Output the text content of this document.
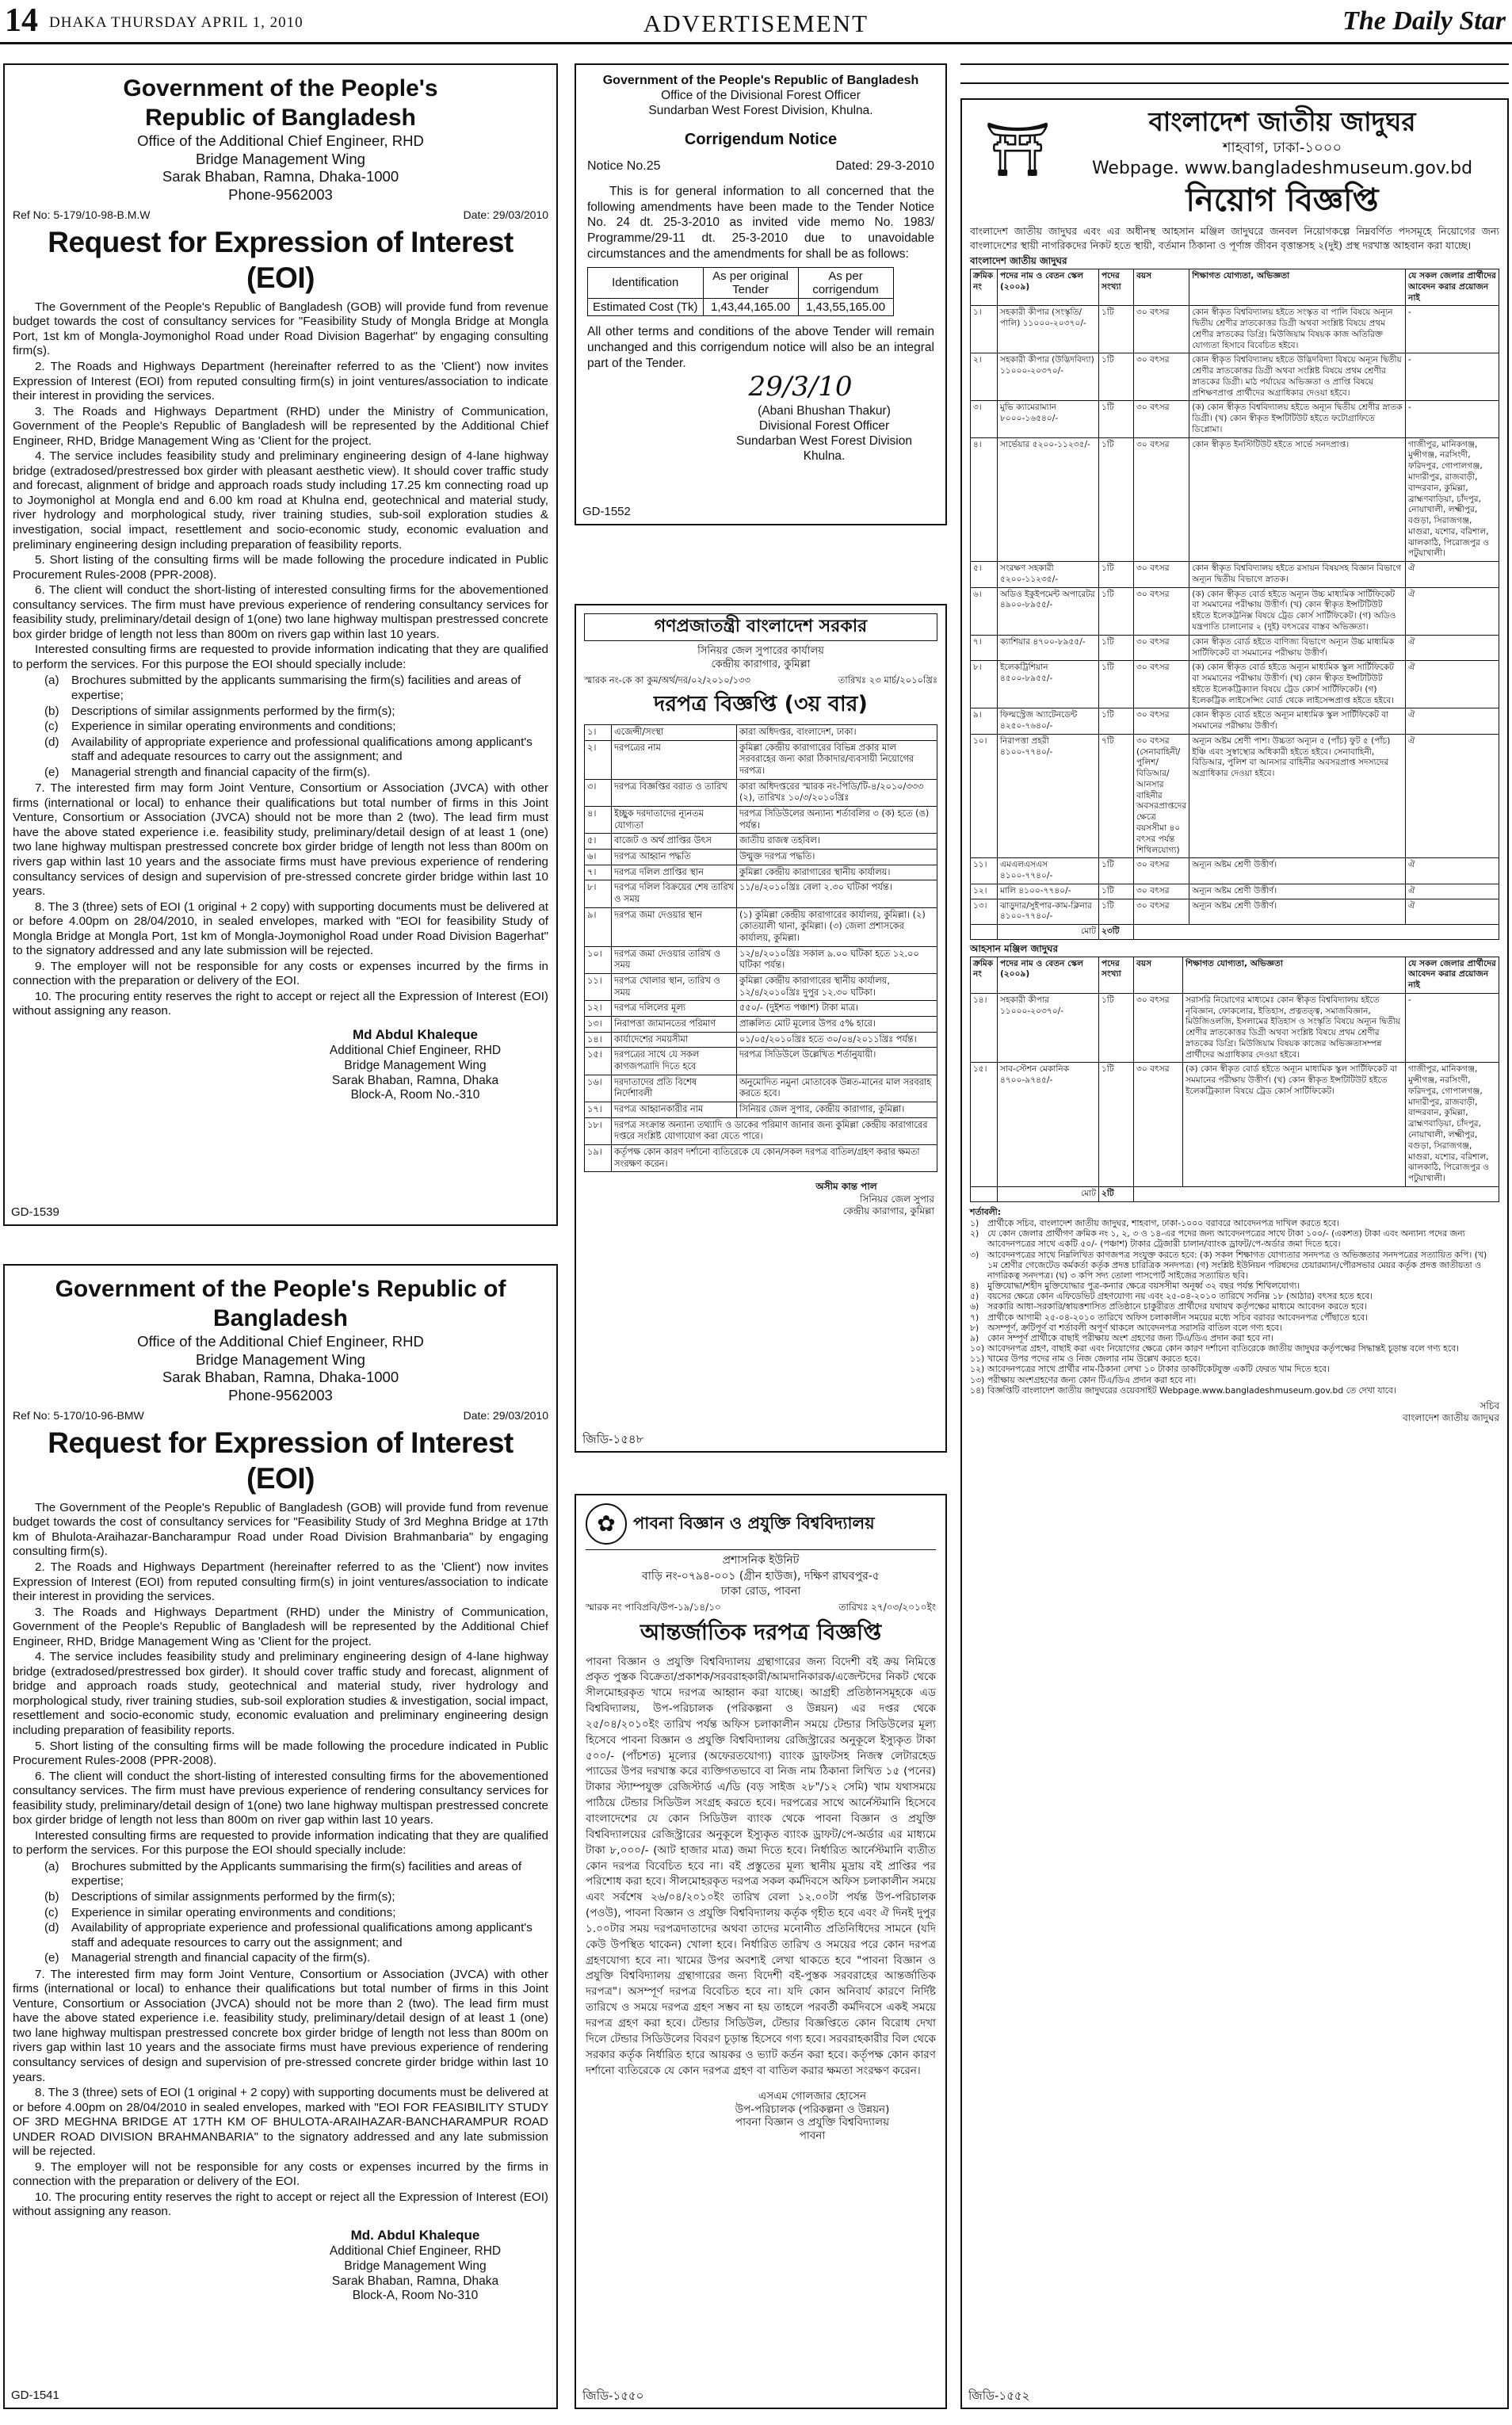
14 DHAKA THURSDAY APRIL 1, 2010	ADVERTISEMENT	The Daily Star
Government of the People's Republic of Bangladesh
Office of the Additional Chief Engineer, RHD
Bridge Management Wing
Sarak Bhaban, Ramna, Dhaka-1000
Phone-9562003
Ref No: 5-179/10-98-B.M.W	Date: 29/03/2010
Request for Expression of Interest (EOI)

The Government of the People's Republic of Bangladesh (GOB) will provide fund from revenue budget towards the cost of consultancy services for "Feasibility Study of Mongla Bridge at Mongla Port, 1st km of Mongla-Joymonighol Road under Road Division Bagerhat" by engaging consulting firm(s).

2. The Roads and Highways Department (hereinafter referred to as the 'Client') now invites Expression of Interest (EOI) from reputed consulting firm(s) in joint ventures/association to indicate their interest in providing the services.

3. The Roads and Highways Department (RHD) under the Ministry of Communication, Government of the People's Republic of Bangladesh will be represented by the Additional Chief Engineer, RHD, Bridge Management Wing as 'Client for the project.

4. The service includes feasibility study and preliminary engineering design of 4-lane highway bridge (extradosed/prestressed box girder with pleasant aesthetic view). It should cover traffic study and forecast, alignment of bridge and approach roads study including 17.25 km connecting road up to Joymonighol at Mongla end and 6.00 km road at Khulna end, geotechnical and material study, river hydrology and morphological study, river training studies, sub-soil exploration studies & investigation, social impact, resettlement and socio-economic study, economic evaluation and preliminary engineering design including preparation of feasibility reports.

5. Short listing of the consulting firms will be made following the procedure indicated in Public Procurement Rules-2008 (PPR-2008).

6. The client will conduct the short-listing of interested consulting firms for the abovementioned consultancy services. The firm must have previous experience of rendering consultancy services for feasibility study, preliminary/detail design of 1(one) two lane highway multispan prestressed concrete box girder bridge of length not less than 800m on rivers gap within last 10 years.

Interested consulting firms are requested to provide information indicating that they are qualified to perform the services. For this purpose the EOI should specially include:

(a)	Brochures submitted by the applicants summarising the firm(s) facilities and areas of expertise;
(b)	Descriptions of similar assignments performed by the firm(s);
(c)	Experience in similar operating environments and conditions;
(d)	Availability of appropriate experience and professional qualifications among applicant's staff and adequate resources to carry out the assignment; and
(e)	Managerial strength and financial capacity of the firm(s).

7. The interested firm may form Joint Venture, Consortium or Association (JVCA) with other firms (international or local) to enhance their qualifications but total number of firms in this Joint Venture, Consortium or Association (JVCA) should not be more than 2 (two). The lead firm must have the above stated experience i.e. feasibility study, preliminary/detail design of at least 1 (one) two lane highway multispan prestressed concrete box girder bridge of length not less than 800m on rivers gap within last 10 years and the associate firms must have previous experience of rendering consultancy services of design and supervision of pre-stressed concrete girder bridge within last 10 years.

8. The 3 (three) sets of EOI (1 original + 2 copy) with supporting documents must be delivered at or before 4.00pm on 28/04/2010, in sealed envelopes, marked with "EOI for feasibility Study of Mongla Bridge at Mongla Port, 1st km of Mongla-Joymonighol Road under Road Division Bagerhat" to the signatory addressed and any late submission will be rejected.

9. The employer will not be responsible for any costs or expenses incurred by the firms in connection with the preparation or delivery of the EOI.

10. The procuring entity reserves the right to accept or reject all the Expression of Interest (EOI) without assigning any reason.

Md Abdul Khaleque
Additional Chief Engineer, RHD
Bridge Management Wing
Sarak Bhaban, Ramna, Dhaka
Block-A, Room No.-310
GD-1539
Government of the People's Republic of Bangladesh
Office of the Additional Chief Engineer, RHD
Bridge Management Wing
Sarak Bhaban, Ramna, Dhaka-1000
Phone-9562003
Ref No: 5-170/10-96-BMW	Date: 29/03/2010
Request for Expression of Interest (EOI)

The Government of the People's Republic of Bangladesh (GOB) will provide fund from revenue budget towards the cost of consultancy services for "Feasibility Study of 3rd Meghna Bridge at 17th km of Bhulota-Araihazar-Bancharampur Road under Road Division Brahmanbaria" by engaging consulting firm(s).

2. The Roads and Highways Department (hereinafter referred to as the 'Client') now invites Expression of Interest (EOI) from reputed consulting firm(s) in joint ventures/association to indicate their interest in providing the services.

3. The Roads and Highways Department (RHD) under the Ministry of Communication, Government of the People's Republic of Bangladesh will be represented by the Additional Chief Engineer, RHD, Bridge Management Wing as 'Client for the project.

4. The service includes feasibility study and preliminary engineering design of 4-lane highway bridge (extradosed/prestressed box girder). It should cover traffic study and forecast, alignment of bridge and approach roads study, geotechnical and material study, river hydrology and morphological study, river training studies, sub-soil exploration studies & investigation, social impact, resettlement and socio-economic study, economic evaluation and preliminary engineering design including preparation of feasibility reports.

5. Short listing of the consulting firms will be made following the procedure indicated in Public Procurement Rules-2008 (PPR-2008).

6. The client will conduct the short-listing of interested consulting firms for the abovementioned consultancy services. The firm must have previous experience of rendering consultancy services for feasibility study, preliminary/detail design of 1(one) two lane highway multispan prestressed concrete box girder bridge of length not less than 800m on river gap within last 10 years.

Interested consulting firms are requested to provide information indicating that they are qualified to perform the services. For this purpose the EOI should specially include:

(a)	Brochures submitted by the Applicants summarising the firm(s) facilities and areas of expertise;
(b)	Descriptions of similar assignments performed by the firm(s);
(c)	Experience in similar operating environments and conditions;
(d)	Availability of appropriate experience and professional qualifications among applicant's staff and adequate resources to carry out the assignment; and
(e)	Managerial strength and financial capacity of the firm(s).

7. The interested firm may form Joint Venture, Consortium or Association (JVCA) with other firms (international or local) to enhance their qualifications but total number of firms in this Joint Venture, Consortium or Association (JVCA) should not be more than 2 (two). The lead firm must have the above stated experience i.e. feasibility study, preliminary/detail design of at least 1 (one) two lane highway multispan prestressed concrete box girder bridge of length not less than 800m on rivers gap within last 10 years and the associate firms must have previous experience of rendering consultancy services of design and supervision of pre-stressed concrete girder bridge within last 10 years.

8. The 3 (three) sets of EOI (1 original + 2 copy) with supporting documents must be delivered at or before 4.00pm on 28/04/2010 in sealed envelopes, marked with "EOI FOR FEASIBILITY STUDY OF 3RD MEGHNA BRIDGE AT 17TH KM OF BHULOTA-ARAIHAZAR-BANCHARAMPUR ROAD UNDER ROAD DIVISION BRAHMANBARIA" to the signatory addressed and any late submission will be rejected.

9. The employer will not be responsible for any costs or expenses incurred by the firms in connection with the preparation or delivery of the EOI.

10. The procuring entity reserves the right to accept or reject all the Expression of Interest (EOI) without assigning any reason.

Md. Abdul Khaleque
Additional Chief Engineer, RHD
Bridge Management Wing
Sarak Bhaban, Ramna, Dhaka
Block-A, Room No-310
GD-1541
Government of the People's Republic of Bangladesh
Office of the Divisional Forest Officer
Sundarban West Forest Division, Khulna.
Corrigendum Notice
Notice No.25	Dated: 29-3-2010
This is for general information to all concerned that the following amendments have been made to the Tender Notice No. 24 dt. 25-3-2010 as invited vide memo No. 1983/ Programme/29-11 dt. 25-3-2010 due to unavoidable circumstances and the amendments for shall be as follows:
Identification	As per original Tender	As per corrigendum
Estimated Cost (Tk)	1,43,44,165.00	1,43,55,165.00
All other terms and conditions of the above Tender will remain unchanged and this corrigendum notice will also be an integral part of the Tender.
29/3/10
(Abani Bhushan Thakur)
Divisional Forest Officer
Sundarban West Forest Division
Khulna.
GD-1552
গণপ্রজাতন্ত্রী বাংলাদেশ সরকার
সিনিয়র জেল সুপারের কার্যালয়
কেন্দ্রীয় কারাগার, কুমিল্লা
স্মারক নং-কে কা কুম/অর্থ/দর/০২/২০১০/১৩৩	তারিখঃ ২৩ মার্চ/২০১০খ্রিঃ
দরপত্র বিজ্ঞপ্তি (৩য় বার)
১।	এজেন্সী/সংস্থা	কারা অধিদপ্তর, বাংলাদেশ, ঢাকা।
২।	দরপত্রের নাম	কুমিল্লা কেন্দ্রীয় কারাগারের বিভিন্ন প্রকার মাল সরবরাহের জন্য কারা ঠিকাদার/ব্যবসায়ী নিয়োগের দরপত্র।
৩।	দরপত্র বিজ্ঞপ্তির বরাত ও তারিখ	কারা অধিদপ্তরের স্মারক নং-পিডি/টি-৪/২০১০/৩৩৩ (২), তারিখঃ ১০/৩/২০১০খ্রিঃ
৪।	ইচ্ছুক দরদাতাদের ন্যূনতম যোগ্যতা	দরপত্র সিডিউলের অন্যান্য শর্তাবলির ৩ (ক) হতে (ঙ) পর্যন্ত।
৫।	বাজেট ও অর্থ প্রাপ্তির উৎস	জাতীয় রাজস্ব তহবিল।
৬।	দরপত্র আহ্বান পদ্ধতি	উন্মুক্ত দরপত্র পদ্ধতি।
৭।	দরপত্র দলিল প্রাপ্তির স্থান	কুমিল্লা কেন্দ্রীয় কারাগারের স্থানীয় কার্যালয়।
৮।	দরপত্র দলিল বিক্রয়ের শেষ তারিখ ও সময়	১১/৪/২০১০খ্রিঃ বেলা ২.৩০ ঘটিকা পর্যন্ত।
৯।	দরপত্র জমা দেওয়ার স্থান	(১) কুমিল্লা কেন্দ্রীয় কারাগারের কার্যালয়, কুমিল্লা। (২) কোতয়ালী থানা, কুমিল্লা। (৩) জেলা প্রশাসকের কার্যালয়, কুমিল্লা।
১০।	দরপত্র জমা দেওয়ার তারিখ ও সময়	১২/৪/২০১০খ্রিঃ সকাল ৯.০০ ঘটিকা হতে ১২.০০ ঘটিকা পর্যন্ত।
১১।	দরপত্র খোলার স্থান, তারিখ ও সময়	কুমিল্লা কেন্দ্রীয় কারাগারের স্থানীয় কার্যালয়, ১২/৪/২০১০খ্রিঃ দুপুর ১২.৩০ ঘটিকা।
১২।	দরপত্র দলিলের মূল্য	৫৫০/- (দুইশত পঞ্চাশ) টাকা মাত্র।
১৩।	নিরাপত্তা জামানতের পরিমাণ	প্রাক্কলিত মোট মূল্যের উপর ৫% হারে।
১৪।	কার্যাদেশের সময়সীমা	০১/০৫/২০১০খ্রিঃ হতে ৩০/০৪/২০১১খ্রিঃ পর্যন্ত।
১৫।	দরপত্রের সাথে যে সকল কাগজপত্রাদি দিতে হবে	দরপত্র সিডিউলে উল্লেখিত শর্তানুযায়ী।
১৬।	দরদাতাদের প্রতি বিশেষ নির্দেশাবলী	অনুমোদিত নমুনা মোতাবেক উন্নত-মানের মাল সরবরাহ করতে হবে।
১৭।	দরপত্র আহ্বানকারীর নাম	সিনিয়র জেল সুপার, কেন্দ্রীয় কারাগার, কুমিল্লা।
১৮।	দরপত্র সংক্রান্ত অন্যান্য তথ্যাদি ও ডাকের পরিমাণ জানার জন্য কুমিল্লা কেন্দ্রীয় কারাগারের দপ্তরে সংশ্লিষ্ট যোগাযোগ করা যেতে পারে।	
১৯।	কর্তৃপক্ষ কোন কারণ দর্শানো ব্যতিরেকে যে কোন/সকল দরপত্র বাতিল/গ্রহণ করার ক্ষমতা সংরক্ষণ করেন।	
অসীম কান্ত পাল
সিনিয়র জেল সুপার
কেন্দ্রীয় কারাগার, কুমিল্লা
জিডি-১৫৪৮
✿	পাবনা বিজ্ঞান ও প্রযুক্তি বিশ্ববিদ্যালয়
প্রশাসনিক ইউনিট
বাড়ি নং-০৭৯৪-০০১ (গ্রীন হাউজ), দক্ষিণ রাঘবপুর-৫
ঢাকা রোড, পাবনা
স্মারক নং পাবিপ্রবি/উপ-১৯/১৪/১০	তারিখঃ ২৭/০৩/২০১০ইং
আন্তর্জাতিক দরপত্র বিজ্ঞপ্তি
পাবনা বিজ্ঞান ও প্রযুক্তি বিশ্ববিদ্যালয় গ্রন্থাগারের জন্য বিদেশী বই ক্রয় নিমিত্তে প্রকৃত পুস্তক বিক্রেতা/প্রকাশক/সরবরাহকারী/আমদানিকারক/এজেন্টদের নিকট থেকে সীলমোহরকৃত খামে দরপত্র আহ্বান করা যাচ্ছে। আগ্রহী প্রতিষ্ঠানসমূহকে এড বিশ্ববিদ্যালয়, উপ-পরিচালক (পরিকল্পনা ও উন্নয়ন) এর দপ্তর থেকে ২৫/০৪/২০১০ইং তারিখ পর্যন্ত অফিস চলাকালীন সময়ে টেন্ডার সিডিউলের মূল্য হিসেবে পাবনা বিজ্ঞান ও প্রযুক্তি বিশ্ববিদ্যালয় রেজিস্ট্রারের অনুকূলে ইস্যুকৃত টাকা ৫০০/- (পাঁচশত) মূল্যের (অফেরতযোগ্য) ব্যাংক ড্রাফটসহ নিজস্ব লেটারহেড প্যাডের উপর দরখাস্ত করে ব্যক্তিগতভাবে বা নিজ নাম ঠিকানা লিখিত ১৫ (পনের) টাকার স্ট্যাম্পযুক্ত রেজিস্টার্ড এ/ডি (বড় সাইজ ২৮"/১২ সেমি) খাম যথাসময়ে পাঠিয়ে টেন্ডার সিডিউল সংগ্রহ করতে হবে। দরপত্রের সাথে আর্নেস্টমানি হিসেবে বাংলাদেশের যে কোন সিডিউল ব্যাংক থেকে পাবনা বিজ্ঞান ও প্রযুক্তি বিশ্ববিদ্যালয়ের রেজিস্ট্রারের অনুকূলে ইস্যুকৃত ব্যাংক ড্রাফট/পে-অর্ডার এর মাধ্যমে টাকা ৮,০০০/- (আট হাজার মাত্র) জমা দিতে হবে। নির্ধারিত আর্নেস্টমানি ব্যতীত কোন দরপত্র বিবেচিত হবে না। বই প্রস্তুতের মূল্য স্থানীয় মুদ্রায় বই প্রাপ্তির পর পরিশোধ করা হবে। সীলমোহরকৃত দরপত্র সকল কর্মদিবসে অফিস চলাকালীন সময়ে এবং সর্বশেষ ২৬/০৪/২০১০ইং তারিখ বেলা ১২.০০টা পর্যন্ত উপ-পরিচালক (পওউ), পাবনা বিজ্ঞান ও প্রযুক্তি বিশ্ববিদ্যালয় কর্তৃক গৃহীত হবে এবং ঐ দিনই দুপুর ১.০০টার সময় দরপত্রদাতাদের অথবা তাদের মনোনীত প্রতিনিধিদের সামনে (যদি কেউ উপস্থিত থাকেন) খোলা হবে। নির্ধারিত তারিখ ও সময়ের পরে কোন দরপত্র গ্রহণযোগ্য হবে না। খামের উপর অবশ্যই লেখা থাকতে হবে "পাবনা বিজ্ঞান ও প্রযুক্তি বিশ্ববিদ্যালয় গ্রন্থাগারের জন্য বিদেশী বই-পুস্তক সরবরাহের আন্তর্জাতিক দরপত্র"। অসম্পূর্ণ দরপত্র বিবেচিত হবে না। যদি কোন অনিবার্য কারণে নির্দিষ্ট তারিখে ও সময়ে দরপত্র গ্রহণ সম্ভব না হয় তাহলে পরবর্তী কর্মদিবসে একই সময়ে দরপত্র গ্রহণ করা হবে। টেন্ডার সিডিউল, টেন্ডার বিজ্ঞপ্তিতে কোন বিরোধ দেখা দিলে টেন্ডার সিডিউলের বিবরণ চূড়ান্ত হিসেবে গণ্য হবে। সরবরাহকারীর বিল থেকে সরকার কর্তৃক নির্ধারিত হারে আয়কর ও ভ্যাট কর্তন করা হবে। কর্তৃপক্ষ কোন কারণ দর্শানো ব্যতিরেকে যে কোন দরপত্র গ্রহণ বা বাতিল করার ক্ষমতা সংরক্ষণ করেন।
এসএম গোলজার হোসেন
উপ-পরিচালক (পরিকল্পনা ও উন্নয়ন)
পাবনা বিজ্ঞান ও প্রযুক্তি বিশ্ববিদ্যালয়
পাবনা
জিডি-১৫৫০
⛩	বাংলাদেশ জাতীয় জাদুঘর
শাহবাগ, ঢাকা-১০০০
Webpage. www.bangladeshmuseum.gov.bd
নিয়োগ বিজ্ঞপ্তি
বাংলাদেশ জাতীয় জাদুঘর এবং এর অধীনস্থ আহসান মঞ্জিল জাদুঘরে জনবল নিয়োগকল্পে নিম্নবর্ণিত পদসমূহে নিয়োগের জন্য বাংলাদেশের স্থায়ী নাগরিকদের নিকট হতে স্থায়ী, বর্তমান ঠিকানা ও পূর্ণাঙ্গ জীবন বৃত্তান্তসহ ২(দুই) প্রস্থ দরখাস্ত আহবান করা যাচ্ছে।
বাংলাদেশ জাতীয় জাদুঘর
ক্রমিক নং	পদের নাম ও বেতন স্কেল (২০০৯)	পদের সংখ্যা	বয়স	শিক্ষাগত যোগ্যতা, অভিজ্ঞতা	যে সকল জেলার প্রার্থীদের আবেদন করার প্রয়োজন নাই
১।	সহকারী কীপার (সংস্কৃতি/পালি) ১১০০০-২০৩৭০/-	১টি	৩০ বৎসর	কোন স্বীকৃত বিশ্ববিদ্যালয় হইতে সংস্কৃত বা পালি বিষয়ে অন্যূন দ্বিতীয় শ্রেণীর স্নাতকোত্তর ডিগ্রী অথবা সংশ্লিষ্ট বিষয়ে প্রথম শ্রেণীর স্নাতকের ডিগ্রি। মিউজিয়াম বিষয়ক কাজ অতিরিক্ত যোগ্যতা হিসাবে বিবেচিত হইবে।	-
২।	সহকারী কীপার (উদ্ভিদবিদ্যা) ১১০০০-২০৩৭০/-	১টি	৩০ বৎসর	কোন স্বীকৃত বিশ্ববিদ্যালয় হইতে উদ্ভিদবিদ্যা বিষয়ে অন্যূন দ্বিতীয় শ্রেণীর স্নাতকোত্তর ডিগ্রী অথবা সংশ্লিষ্ট বিষয়ে প্রথম শ্রেণীর স্নাতকের ডিগ্রী। মাঠ পর্যায়ের অভিজ্ঞতা ও প্রাপ্তি বিষয়ে প্রশিক্ষণপ্রাপ্ত প্রার্থীদের অগ্রাধিকার দেওয়া হইবে।	-
৩।	মুভি ক্যামেরাম্যান ৮০০০-১৬৫৪০/-	১টি	৩০ বৎসর	(ক) কোন স্বীকৃত বিশ্ববিদ্যালয় হইতে অন্যূন দ্বিতীয় শ্রেণীর স্নাতক ডিগ্রী। (খ) কোন স্বীকৃত ইন্সটিটিউট হইতে ফটোগ্রাফিতে ডিপ্লোমা।	-
৪।	সার্ভেয়ার ৫২০০-১১২৩৫/-	১টি	৩০ বৎসর	কোন স্বীকৃত ইনস্টিটিউট হইতে সার্ভে সনদপ্রাপ্ত।	গাজীপুর, মানিকগঞ্জ, মুন্সীগঞ্জ, নরসিংদী, ফরিদপুর, গোপালগঞ্জ, মাদারীপুর, রাজবাড়ী, বান্দরবান, কুমিল্লা, ব্রাহ্মণবাড়িয়া, চাঁদপুর, নোয়াখালী, লক্ষ্মীপুর, বগুড়া, সিরাজগঞ্জ, মাগুরা, যশোর, বরিশাল, ঝালকাঠি, পিরোজপুর ও পটুয়াখালী।
৫।	সংরক্ষণ সহকারী ৫২০০-১১২৩৫/-	১টি	৩০ বৎসর	কোন স্বীকৃত বিশ্ববিদ্যালয় হইতে রসায়ন বিষয়সহ বিজ্ঞান বিভাগে অন্যূন দ্বিতীয় বিভাগে স্নাতক।	ঐ
৬।	অডিও ইকুইপমেন্ট অপারেটর ৪৯০০-৮৯৫৫/-	১টি	৩০ বৎসর	(ক) কোন স্বীকৃত বোর্ড হইতে অন্যূন উচ্চ মাধ্যমিক সার্টিফিকেট বা সমমানের পরীক্ষায় উত্তীর্ণ। (খ) কোন স্বীকৃত ইন্সটিটিউট হইতে ইলেকট্রনিক্স বিষয়ে ট্রেড কোর্স সার্টিফিকেট। (গ) অডিও যন্ত্রপাতি চালানোর ২ (দুই) বৎসরের বাস্তব অভিজ্ঞতা।	ঐ
৭।	ক্যাশিয়ার ৪৭০০-৮৯৫৫/-	১টি	৩০ বৎসর	কোন স্বীকৃত বোর্ড হইতে বাণিজ্য বিভাগে অন্যূন উচ্চ মাধ্যমিক সার্টিফিকেট বা সমমানের পরীক্ষায় উত্তীর্ণ।	ঐ
৮।	ইলেকট্রিশিয়ান ৪৫০০-৮৯৫৫/-	১টি	৩০ বৎসর	(ক) কোন স্বীকৃত বোর্ড হইতে অন্যূন মাধ্যমিক স্কুল সার্টিফিকেট বা সমমানের পরীক্ষায় উত্তীর্ণ। (খ) কোন স্বীকৃত ইন্সটিটিউট হইতে ইলেকট্রিক্যাল বিষয়ে ট্রেড কোর্স সার্টিফিকেট। (গ) ইলেকট্রিক লাইসেন্সিং বোর্ড থেকে লাইসেন্সপ্রাপ্ত হইতে হইবে।	ঐ
৯।	ফিল্মস্ট্রেজ অ্যাটেনডেন্ট ৪২৫০-৭৬৪০/-	১টি	৩০ বৎসর	কোন স্বীকৃত বোর্ড হইতে অন্যূন মাধ্যমিক স্কুল সার্টিফিকেট বা সমমানের পরীক্ষায় উত্তীর্ণ।	ঐ
১০।	নিরাপত্তা প্রহরী ৪১০০-৭৭৪০/-	৭টি	৩০ বৎসর (সেনাবাহিনী/পুলিশ/বিডিআর/আনসার বাহিনীর অবসরপ্রাপ্তদের ক্ষেত্রে বয়সসীমা ৪০ বৎসর পর্যন্ত শিথিলযোগ্য)	অন্যূন অষ্টম শ্রেণী পাশ। উচ্চতা অন্যূন ৫ (পাঁচ) ফুট ৫ (পাঁচ) ইঞ্চি এবং সুস্বাস্থ্যের অধিকারী হইতে হইবে। সেনাবাহিনী, বিডিআর, পুলিশ বা আনসার বাহিনীর অবসরপ্রাপ্ত সদস্যদের অগ্রাধিকার দেওয়া হইবে।	ঐ
১১।	এমএলএসএস ৪১০০-৭৭৪০/-	১টি	৩০ বৎসর	অন্যূন অষ্টম শ্রেণী উত্তীর্ণ।	ঐ
১২।	মালি ৪১০০-৭৭৪০/-	১টি	৩০ বৎসর	অন্যূন অষ্টম শ্রেণী উত্তীর্ণ।	ঐ
১৩।	ঝাড়ুদার/সুইপার-কাম-ক্লিনার ৪১০০-৭৭৪০/-	১টি	৩০ বৎসর	অন্যূন অষ্টম শ্রেণী উত্তীর্ণ।	ঐ
	মোট	২৩টি			
আহসান মঞ্জিল জাদুঘর
ক্রমিক নং	পদের নাম ও বেতন স্কেল (২০০৯)	পদের সংখ্যা	বয়স	শিক্ষাগত যোগ্যতা, অভিজ্ঞতা	যে সকল জেলার প্রার্থীদের আবেদন করার প্রয়োজন নাই
১৪।	সহকারী কীপার ১১০০০-২০৩৭০/-	১টি	৩০ বৎসর	সরাসরি নিয়োগের মাধ্যমেঃ কোন স্বীকৃত বিশ্ববিদ্যালয় হইতে নৃবিজ্ঞান, ফোকলোর, ইতিহাস, প্রত্নতত্ত্ব, সমাজবিজ্ঞান, মিউজিওলজি, ইসলামের ইতিহাস ও সংস্কৃতি বিষয়ে অন্যূন দ্বিতীয় শ্রেণীর স্নাতকোত্তর ডিগ্রী অথবা সংশ্লিষ্ট বিষয়ে প্রথম শ্রেণীর স্নাতকের ডিগ্রি। মিউজিয়াম বিষয়ক কাজের অভিজ্ঞতাসম্পন্ন প্রার্থীদের অগ্রাধিকার দেওয়া হইবে।	-
১৫।	সাব-স্টেশন মেকানিক ৪৭০০-৯৭৪৫/-	১টি	৩০ বৎসর	(ক) কোন স্বীকৃত বোর্ড হইতে অন্যূন মাধ্যমিক স্কুল সার্টিফিকেট বা সমমানের পরীক্ষায় উত্তীর্ণ। (খ) কোন স্বীকৃত ইন্সটিটিউট হইতে ইলেকট্রিক্যাল বিষয়ে ট্রেড কোর্স সার্টিফিকেট।	গাজীপুর, মানিকগঞ্জ, মুন্সীগঞ্জ, নরসিংদী, ফরিদপুর, গোপালগঞ্জ, মাদারীপুর, রাজবাড়ী, বান্দরবান, কুমিল্লা, ব্রাহ্মণবাড়িয়া, চাঁদপুর, নোয়াখালী, লক্ষ্মীপুর, বগুড়া, সিরাজগঞ্জ, মাগুরা, যশোর, বরিশাল, ঝালকাঠি, পিরোজপুর ও পটুয়াখালী।
	মোট	২টি			
শর্তাবলী:
১) প্রার্থীকে সচিব, বাংলাদেশ জাতীয় জাদুঘর, শাহবাগ, ঢাকা-১০০০ বরাবরে আবেদনপত্র দাখিল করতে হবে।
২) যে কোন জেলার প্রার্থীগণ ক্রমিক নং ১, ২, ৩ ও ১৪-এর পদের জন্য আবেদনপত্রের সাথে টাকা ১০০/- (একশত) টাকা এবং অন্যান্য পদের জন্য আবেদনপত্রের সাথে একটি ৫০/- (পঞ্চাশ) টাকার ট্রেজারী চালান/ব্যাংক ড্রাফট/পে-অর্ডার জমা দিতে হবে।
৩) আবেদনপত্রের সাথে নিম্নলিখিত কাগজপত্র সংযুক্ত করতে হবে: (ক) সকল শিক্ষাগত যোগ্যতার সনদপত্র ও অভিজ্ঞতার সনদপত্রের সত্যায়িত কপি। (খ) ১ম শ্রেণীর গেজেটেড কর্মকর্তা কর্তৃক প্রদত্ত চারিত্রিক সনদপত্র। (গ) সংশ্লিষ্ট ইউনিয়ন পরিষদের চেয়ারম্যান/পৌরসভার মেয়র কর্তৃক প্রদত্ত জাতীয়তা ও নাগরিকত্ব সনদপত্র। (ঘ) ৩ কপি সদ্য তোলা পাসপোর্ট সাইজের সত্যায়িত ছবি।
৪) মুক্তিযোদ্ধা/শহীদ মুক্তিযোদ্ধার পুত্র-কন্যার ক্ষেত্রে বয়সসীমা অনূর্ধ্ব ৩২ বছর পর্যন্ত শিথিলযোগ্য।
৫) বয়সের ক্ষেত্রে কোন এফিডেভিট গ্রহণযোগ্য নয় এবং ২৫-০৪-২০১০ তারিখে সর্বনিম্ন ১৮ (আঠার) বৎসর হতে হবে।
৬) সরকারি আধা-সরকারি/স্বায়ত্তশাসিত প্রতিষ্ঠানে চাকুরীরত প্রার্থীদের যথাযথ কর্তৃপক্ষের মাধ্যমে আবেদন করতে হবে।
৭) প্রার্থীকে আগামী ২৫-০৪-২০১০ তারিখে অফিস চলাকালীন সময়ের মধ্যে সচিব বরাবর আবেদনপত্র পৌঁছাতে হবে।
৮) অসম্পূর্ণ, ক্রটিপূর্ণ বা শর্তাবলী অপূর্ণ থাকলে আবেদনপত্র সরাসরি বাতিল বলে গণ্য হবে।
৯) কোন সম্পূর্ণ প্রার্থীকে বাছাই পরীক্ষায় অংশ গ্রহণের জন্য টিএ/ডিএ প্রদান করা হবে না।
১০) আবেদনপত্র গ্রহণ, বাছাই করা এবং নিয়োগের ক্ষেত্রে কোন কারণ দর্শানো ব্যতিরেকে জাতীয় জাদুঘর কর্তৃপক্ষের সিদ্ধান্তই চূড়ান্ত বলে গণ্য হবে।
১১) খামের উপর পদের নাম ও নিজ জেলার নাম উল্লেখ করতে হবে।
১২) আবেদনপত্রের সাথে প্রার্থীর নাম-ঠিকানা লেখা ১০ টাকার ডাকটিকেটযুক্ত একটি ফেরত খাম দিতে হবে।
১৩) পরীক্ষায় অংশগ্রহণের জন্য কোন টিএ/ডিএ প্রদান করা হবে না।
১৪) বিজ্ঞপ্তিটি বাংলাদেশ জাতীয় জাদুঘরের ওয়েবসাইট Webpage.www.bangladeshmuseum.gov.bd তে দেখা যাবে।
সচিব
বাংলাদেশ জাতীয় জাদুঘর
জিডি-১৫৫২
